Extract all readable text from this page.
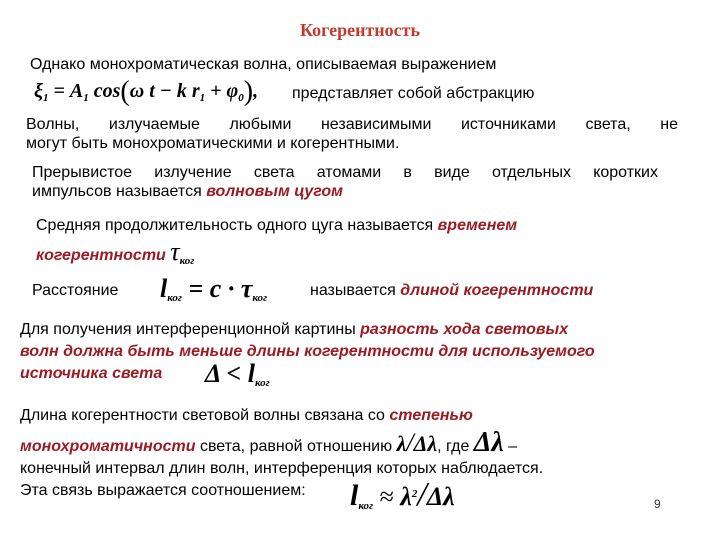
Когерентность
Однако монохроматическая волна, описываемая выражением
$\xi_1 = A_1$ cos(ω t − k $r_1 + \varphi_0$), представляет собой абстракцию
Волны, излучаемые любыми независимыми источниками света, не
могут быть монохроматическими и когерентными.
Прерывистое излучение света атомами в виде отдельных коротких
импульсов называется волновым цугом
Средняя продолжительность одного цуга называется временем
когерентности $\tau_{ког}$
Расстояние $l_{ког} = c \cdot \tau_{ког}$	называется длиной когерентности
Для получения интерференционной картины разность хода световых
волн должна быть меньше длины когерентности для используемого
источника света $\Delta < l_{ког}$
Длина когерентности световой волны связана со степенью
монохроматичности света, равной отношению λ/Δλ, где Δλ –
конечный интервал длин волн, интерференция которых наблюдается.
Эта связь выражается соотношением: $l_{ког} \approx \lambda^2/\Delta\lambda$	9
